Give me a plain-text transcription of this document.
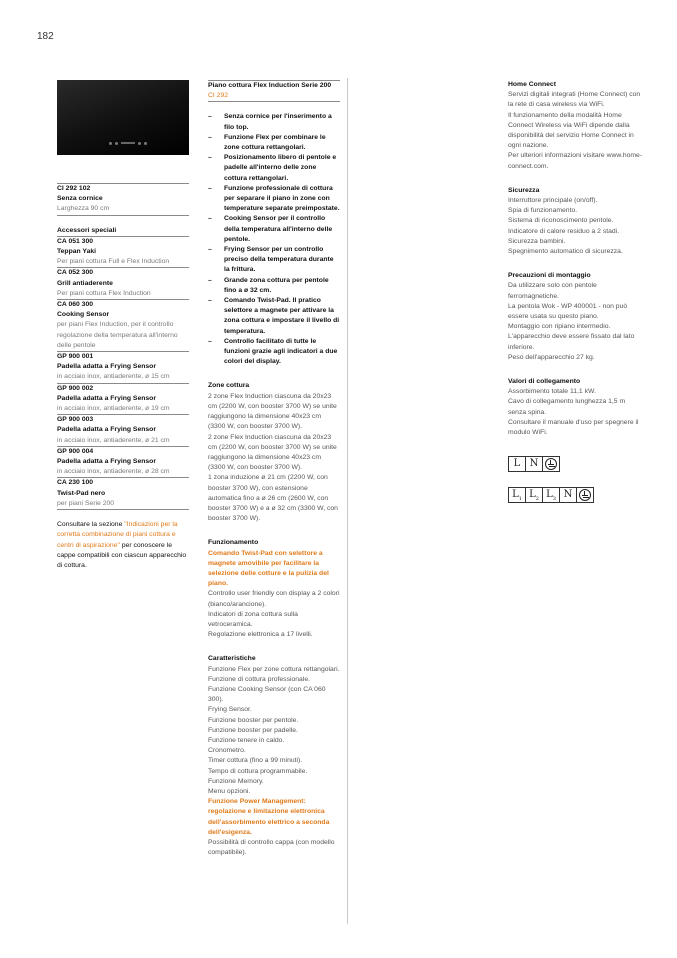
182
CI 292 102
Senza cornice
Larghezza 90 cm
Accessori speciali
CA 051 300
Teppan Yaki
Per piani cottura Full e Flex Induction
CA 052 300
Grill antiaderente
Per piani cottura Flex Induction
CA 060 300
Cooking Sensor
per piani Flex Induction, per il controllo regolazione della temperatura all'interno delle pentole
GP 900 001
Padella adatta a Frying Sensor
in acciaio inox, antiaderente, ø 15 cm
GP 900 002
Padella adatta a Frying Sensor
in acciaio inox, antiaderente, ø 19 cm
GP 900 003
Padella adatta a Frying Sensor
in acciaio inox, antiaderente, ø 21 cm
GP 900 004
Padella adatta a Frying Sensor
in acciaio inox, antiaderente, ø 28 cm
CA 230 100
Twist-Pad nero
per piani Serie 200
Consultare la sezione "Indicazioni per la corretta combinazione di piani cottura e centri di aspirazione" per conoscere le cappe compatibili con ciascun apparecchio di cottura.
Piano cottura Flex Induction Serie 200
CI 292
– Senza cornice per l'inserimento a filo top.
– Funzione Flex per combinare le zone cottura rettangolari.
– Posizionamento libero di pentole e padelle all'interno delle zone cottura rettangolari.
– Funzione professionale di cottura per separare il piano in zone con temperature separate preimpostate.
– Cooking Sensor per il controllo della temperatura all'interno delle pentole.
– Frying Sensor per un controllo preciso della temperatura durante la frittura.
– Grande zona cottura per pentole fino a ø 32 cm.
– Comando Twist-Pad. Il pratico selettore a magnete per attivare la zona cottura e impostare il livello di temperatura.
– Controllo facilitato di tutte le funzioni grazie agli indicatori a due colori del display.
Zone cottura
2 zone Flex Induction ciascuna da 20x23 cm (2200 W, con booster 3700 W) se unite raggiungono la dimensione 40x23 cm (3300 W, con booster 3700 W).
2 zone Flex Induction ciascuna da 20x23 cm (2200 W, con booster 3700 W) se unite raggiungono la dimensione 40x23 cm (3300 W, con booster 3700 W).
1 zona induzione ø 21 cm (2200 W, con booster 3700 W), con estensione automatica fino a ø 26 cm (2600 W, con booster 3700 W) e a ø 32 cm (3300 W, con booster 3700 W).
Funzionamento
Comando Twist-Pad con selettore a magnete amovibile per facilitare la selezione delle cotture e la pulizia del piano.
Controllo user friendly con display a 2 colori (bianco/arancione).
Indicatori di zona cottura sulla vetroceramica.
Regolazione elettronica a 17 livelli.
Caratteristiche
Funzione Flex per zone cottura rettangolari.
Funzione di cottura professionale.
Funzione Cooking Sensor (con CA 060 300).
Frying Sensor.
Funzione booster per pentole.
Funzione booster per padelle.
Funzione tenere in caldo.
Cronometro.
Timer cottura (fino a 99 minuti).
Tempo di cottura programmabile.
Funzione Memory.
Menu opzioni.
Funzione Power Management: regolazione e limitazione elettronica dell'assorbimento elettrico a seconda dell'esigenza.
Possibilità di controllo cappa (con modello compatibile).
Home Connect
Servizi digitali integrati (Home Connect) con la rete di casa wireless via WiFi.
Il funzionamento della modalità Home Connect Wireless via WiFi dipende dalla disponibilità del servizio Home Connect in ogni nazione.
Per ulteriori informazioni visitare www.home-connect.com.
Sicurezza
Interruttore principale (on/off).
Spia di funzionamento.
Sistema di riconoscimento pentole.
Indicatore di calore residuo a 2 stadi.
Sicurezza bambini.
Spegnimento automatico di sicurezza.
Precauzioni di montaggio
Da utilizzare solo con pentole ferromagnetiche.
La pentola Wok - WP 400001 - non può essere usata su questo piano.
Montaggio con ripiano intermedio.
L'apparecchio deve essere fissato dal lato inferiore.
Peso dell'apparecchio 27 kg.
Valori di collegamento
Assorbimento totale 11,1 kW.
Cavo di collegamento lunghezza 1,5 m senza spina.
Consultare il manuale d'uso per spegnere il modulo WiFi.
L N
$L_1$ $L_2$ $L_3$ N
